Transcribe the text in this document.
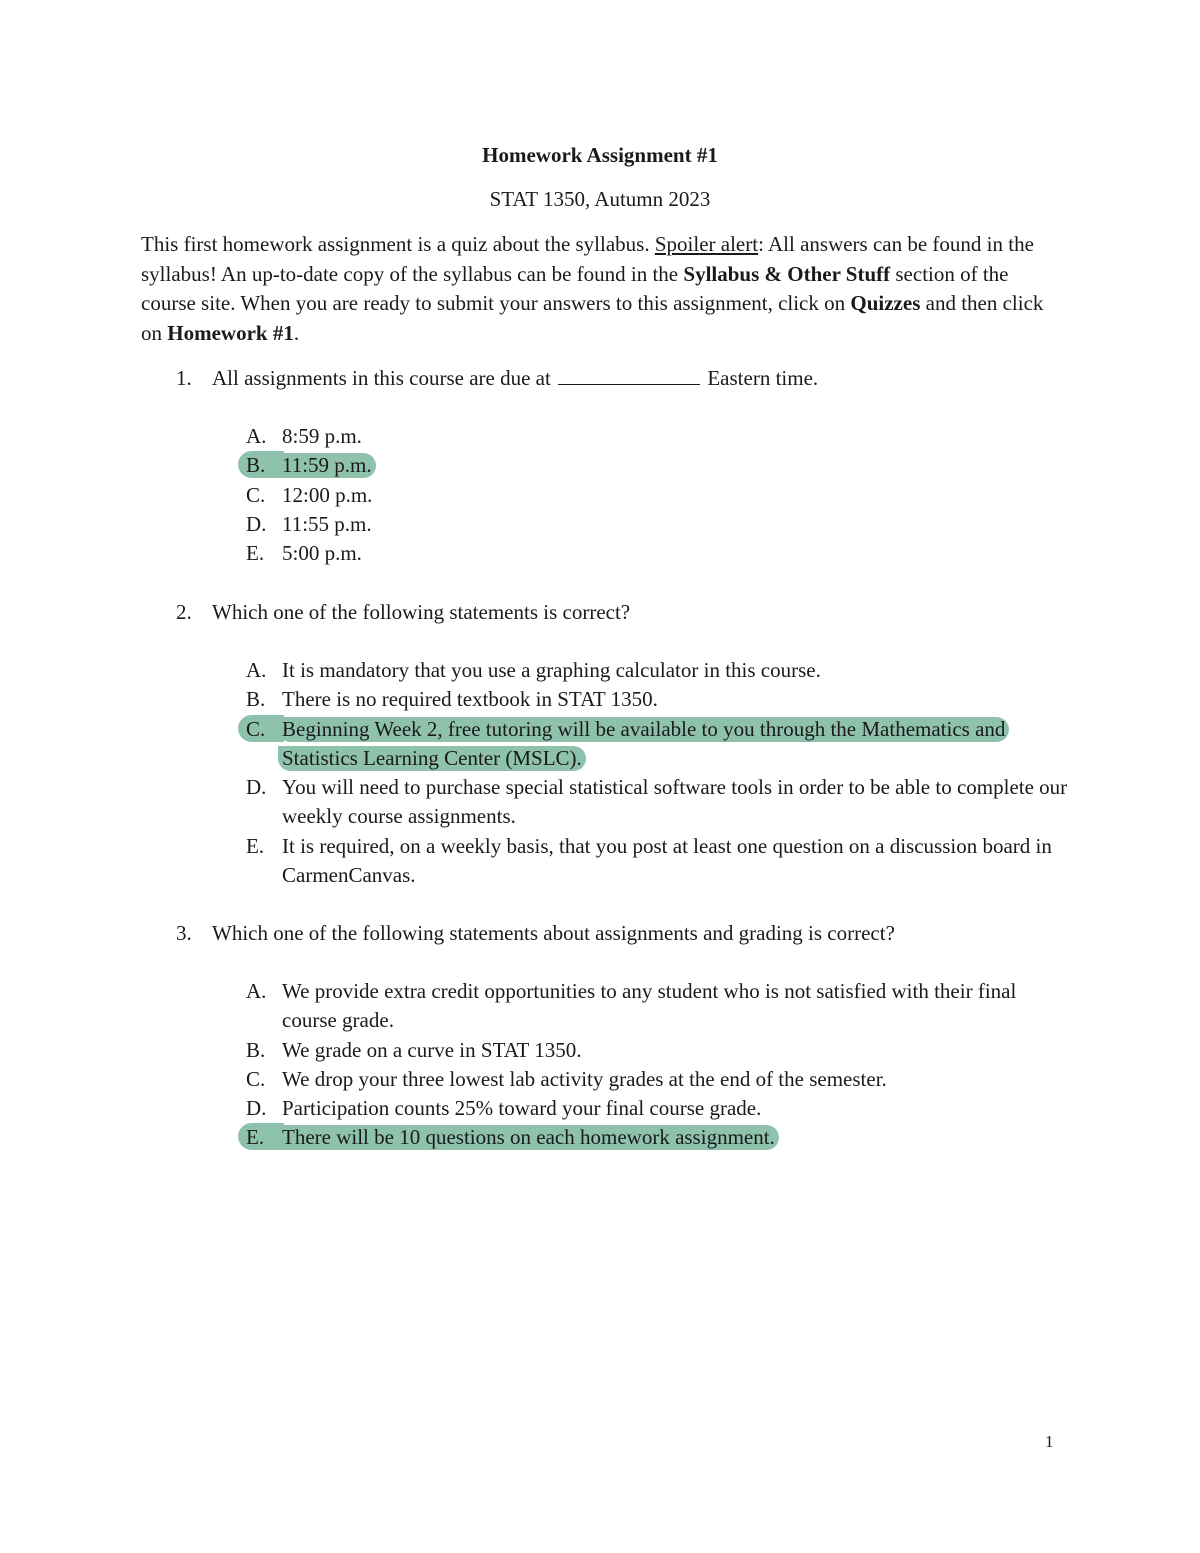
Homework Assignment #1
STAT 1350, Autumn 2023
This first homework assignment is a quiz about the syllabus. Spoiler alert: All answers can be found in the syllabus! An up-to-date copy of the syllabus can be found in the Syllabus & Other Stuff section of the course site. When you are ready to submit your answers to this assignment, click on Quizzes and then click on Homework #1.
1. All assignments in this course are due at	Eastern time.
A. 8:59 p.m.
B. 11:59 p.m.
C. 12:00 p.m.
D. 11:55 p.m.
E. 5:00 p.m.
2. Which one of the following statements is correct?
A. It is mandatory that you use a graphing calculator in this course.
B. There is no required textbook in STAT 1350.
C. Beginning Week 2, free tutoring will be available to you through the Mathematics and Statistics Learning Center (MSLC).
D. You will need to purchase special statistical software tools in order to be able to complete our weekly course assignments.
E. It is required, on a weekly basis, that you post at least one question on a discussion board in CarmenCanvas.
3. Which one of the following statements about assignments and grading is correct?
A. We provide extra credit opportunities to any student who is not satisfied with their final course grade.
B. We grade on a curve in STAT 1350.
C. We drop your three lowest lab activity grades at the end of the semester.
D. Participation counts 25% toward your final course grade.
E. There will be 10 questions on each homework assignment.
1
